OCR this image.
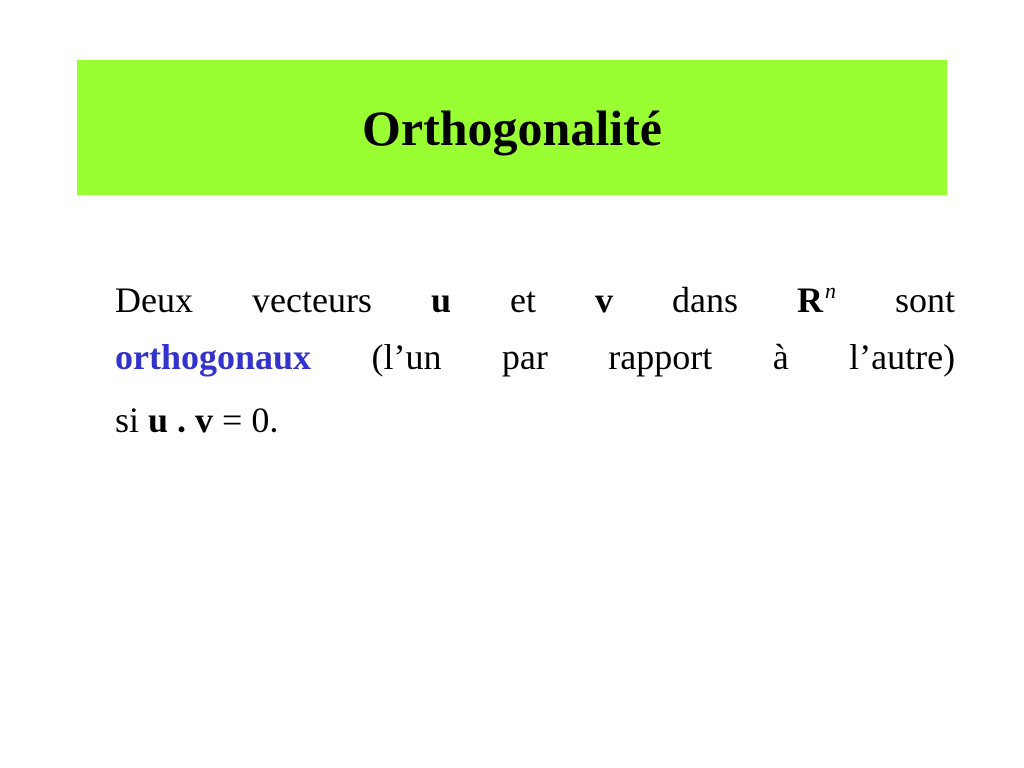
Orthogonalité
Deux vecteurs u et v dans $R^n$ sont
orthogonaux (l’un par rapport à l’autre)
si u . v = 0.
